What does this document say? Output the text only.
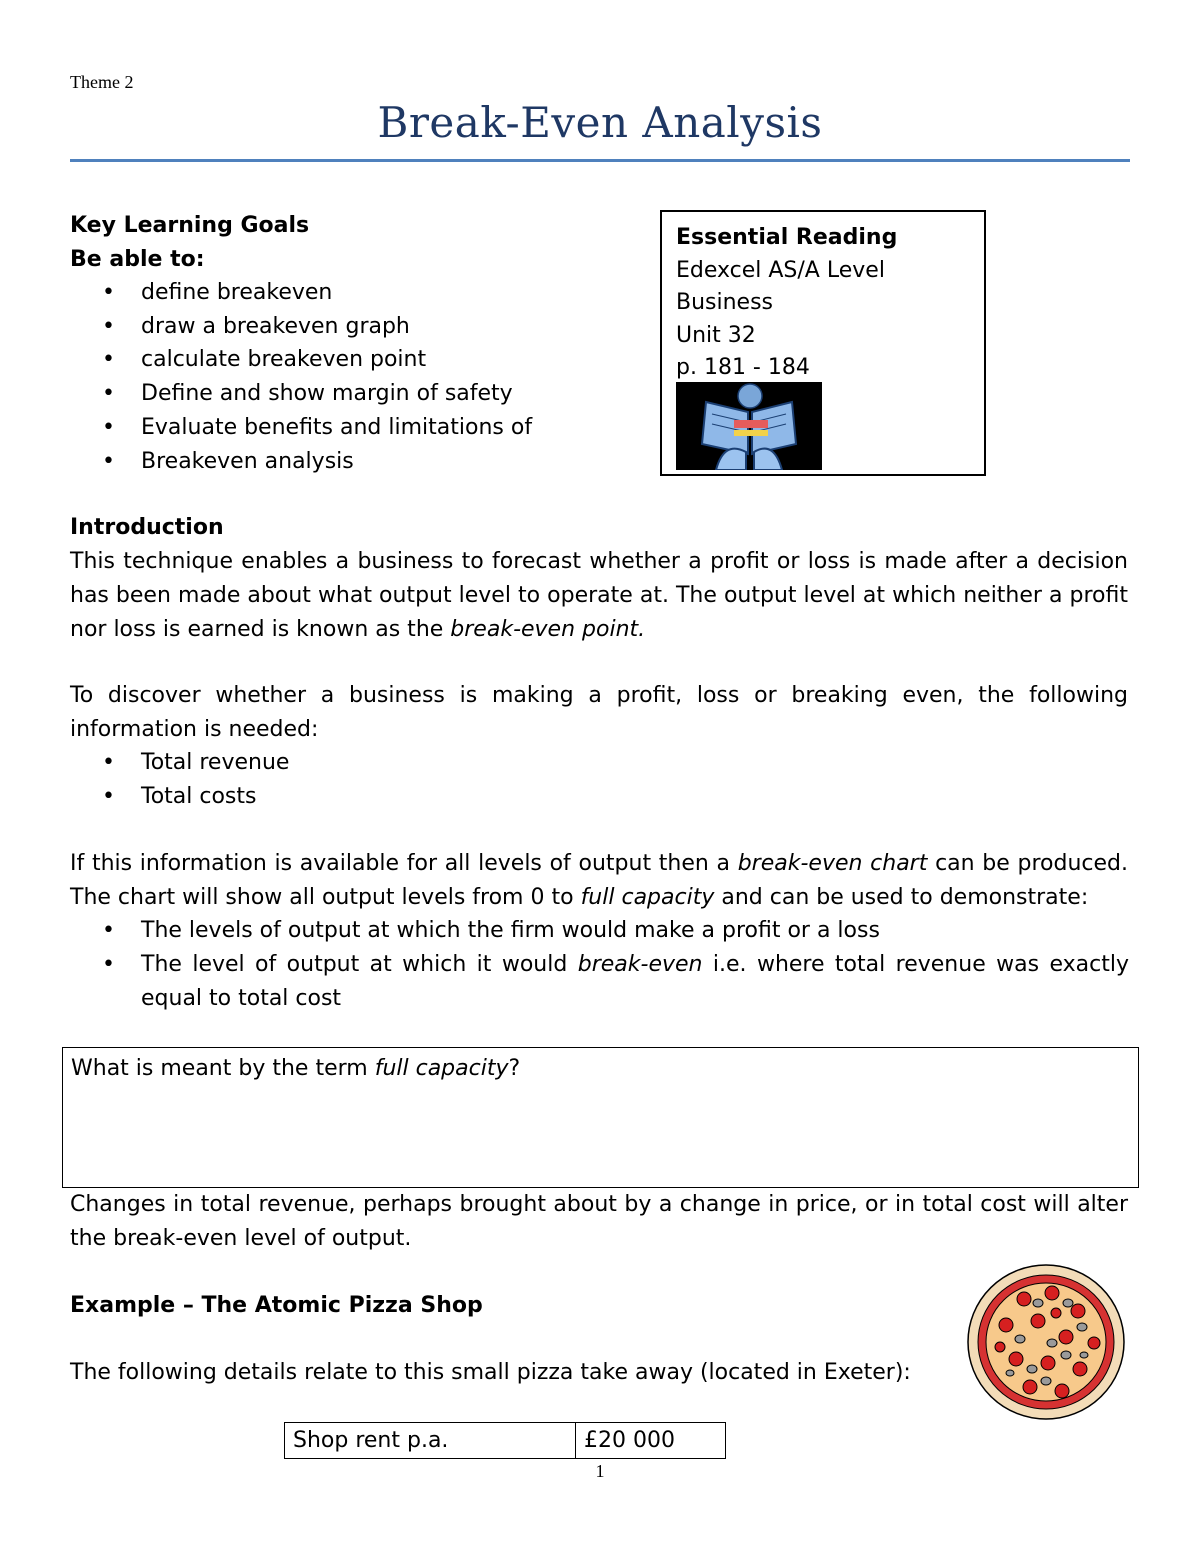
Theme 2
Break-Even Analysis
Key Learning Goals
Be able to:
• define breakeven
• draw a breakeven graph
• calculate breakeven point
• Define and show margin of safety
• Evaluate benefits and limitations of
• Breakeven analysis
Essential Reading
Edexcel AS/A Level
Business
Unit 32
p. 181 - 184
Introduction
This technique enables a business to forecast whether a profit or loss is made after a decision has been made about what output level to operate at. The output level at which neither a profit nor loss is earned is known as the break-even point.
To discover whether a business is making a profit, loss or breaking even, the following information is needed:
• Total revenue
• Total costs
If this information is available for all levels of output then a break-even chart can be produced. The chart will show all output levels from 0 to full capacity and can be used to demonstrate:
• The levels of output at which the firm would make a profit or a loss
• The level of output at which it would break-even i.e. where total revenue was exactly equal to total cost
What is meant by the term full capacity?
Changes in total revenue, perhaps brought about by a change in price, or in total cost will alter the break-even level of output.
Example – The Atomic Pizza Shop
The following details relate to this small pizza take away (located in Exeter):
Shop rent p.a.	£20 000
1
